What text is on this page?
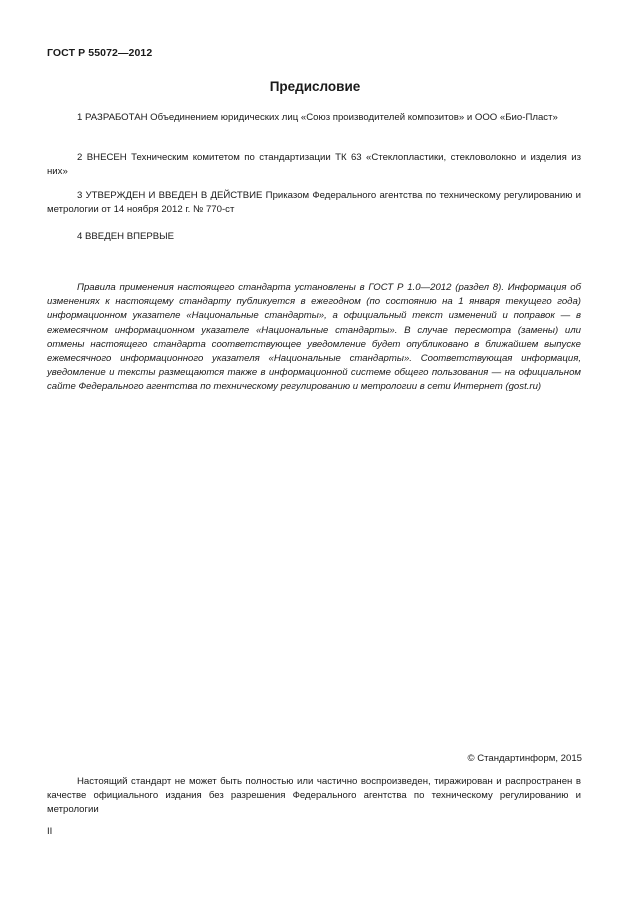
ГОСТ Р 55072—2012
Предисловие
1 РАЗРАБОТАН Объединением юридических лиц «Союз производителей композитов» и ООО «Био-Пласт»
2 ВНЕСЕН Техническим комитетом по стандартизации ТК 63 «Стеклопластики, стекловолокно и изделия из них»
3 УТВЕРЖДЕН И ВВЕДЕН В ДЕЙСТВИЕ Приказом Федерального агентства по техническому регулированию и метрологии от 14 ноября 2012 г. № 770-ст
4 ВВЕДЕН ВПЕРВЫЕ
Правила применения настоящего стандарта установлены в ГОСТ Р 1.0—2012 (раздел 8). Информация об изменениях к настоящему стандарту публикуется в ежегодном (по состоянию на 1 января текущего года) информационном указателе «Национальные стандарты», а официальный текст изменений и поправок — в ежемесячном информационном указателе «Национальные стандарты». В случае пересмотра (замены) или отмены настоящего стандарта соответствующее уведомление будет опубликовано в ближайшем выпуске ежемесячного информационного указателя «Национальные стандарты». Соответствующая информация, уведомление и тексты размещаются также в информационной системе общего пользования — на официальном сайте Федерального агентства по техническому регулированию и метрологии в сети Интернет (gost.ru)
© Стандартинформ, 2015
Настоящий стандарт не может быть полностью или частично воспроизведен, тиражирован и распространен в качестве официального издания без разрешения Федерального агентства по техническому регулированию и метрологии
II
